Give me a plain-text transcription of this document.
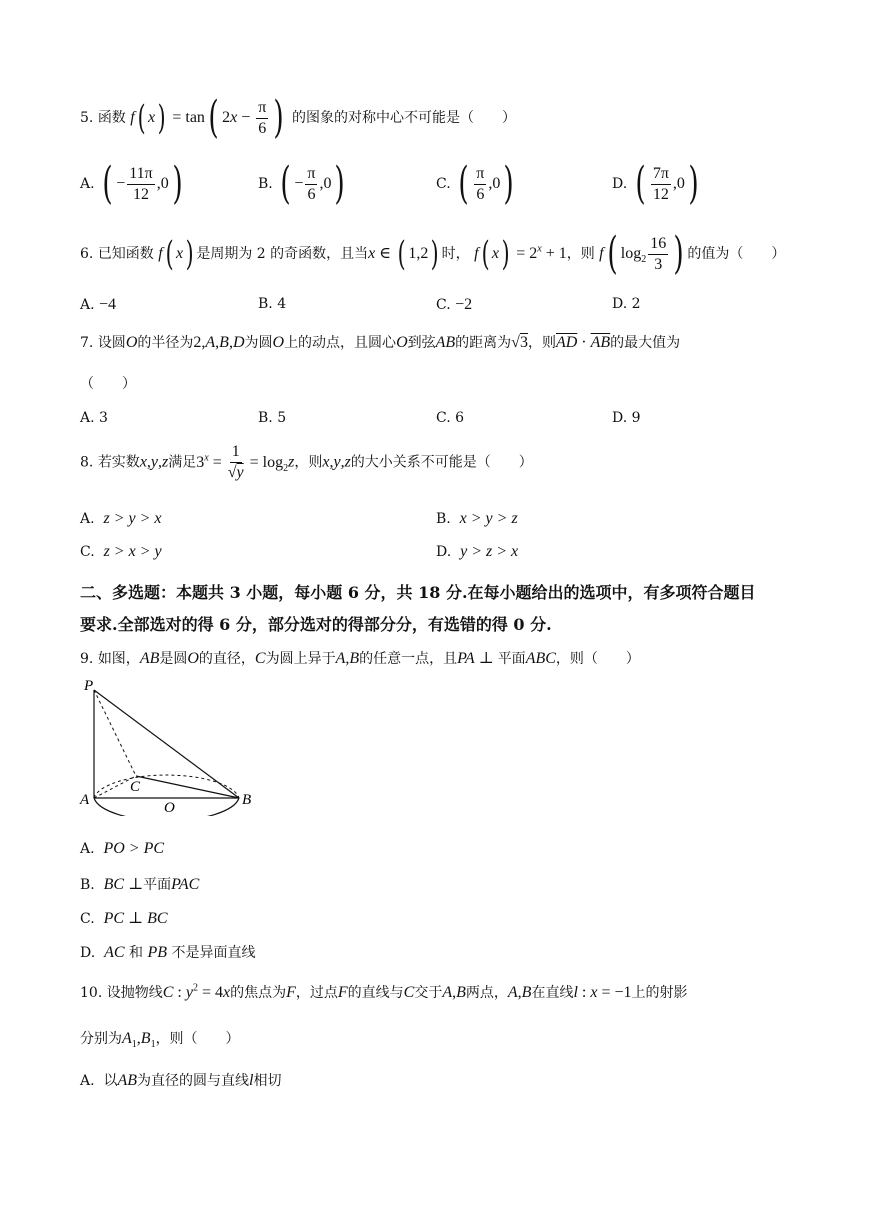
5. 函数 f( x) = tan( $2x - \frac{\pi}{6}$ ) 的图象的对称中心不可能是（　　）
A. ( − $\frac{11\pi}{12} ,0$)	B. ( − $\frac{\pi}{6} ,0$)	C. ( $\frac{\pi}{6} ,0$)	D. ( $\frac{7\pi}{12} ,0$)
6. 已知函数 f( x) 是周期为 2 的奇函数，且当x ∈ ( 1,2) 时， f( $x) = 2^x + 1$，则 f( $\log_2 \frac{16}{3}$ ) 的值为（　　）
A. −4	B. 4	C. −2	D. 2
7. 设圆O的半径为2,A,B,D为圆O上的动点，且圆心O到弦AB的距离为√3，则$\overline{AD} \cdot \overline{AB}$的最大值为
（　　）
A. 3	B. 5	C. 6	D. 9
8. 若实数x,y,z满足$3^x = \frac{1}{√y} = \log_2z$，则x,y,z的大小关系不可能是（　　）
A. z > y > x	B. x > y > z
C. z > x > y	D. y > z > x
二、多选题：本题共 3 小题，每小题 6 分，共 18 分.在每小题给出的选项中，有多项符合题目
要求.全部选对的得 6 分，部分选对的得部分分，有选错的得 0 分.
9. 如图，AB是圆O的直径，C为圆上异于A,B的任意一点，且PA ⊥ 平面ABC，则（　　）
P
A	B
C
O
A. PO > PC
B. BC ⊥平面PAC
C. PC ⊥ BC
D. AC 和 PB 不是异面直线
10. 设抛物线C : $y^2 = 4x$的焦点为F，过点F的直线与C交于A,B两点，A,B在直线l : x = −1上的射影
分别为$A_1,B_1$，则（　　）
A. 以AB为直径的圆与直线l相切
